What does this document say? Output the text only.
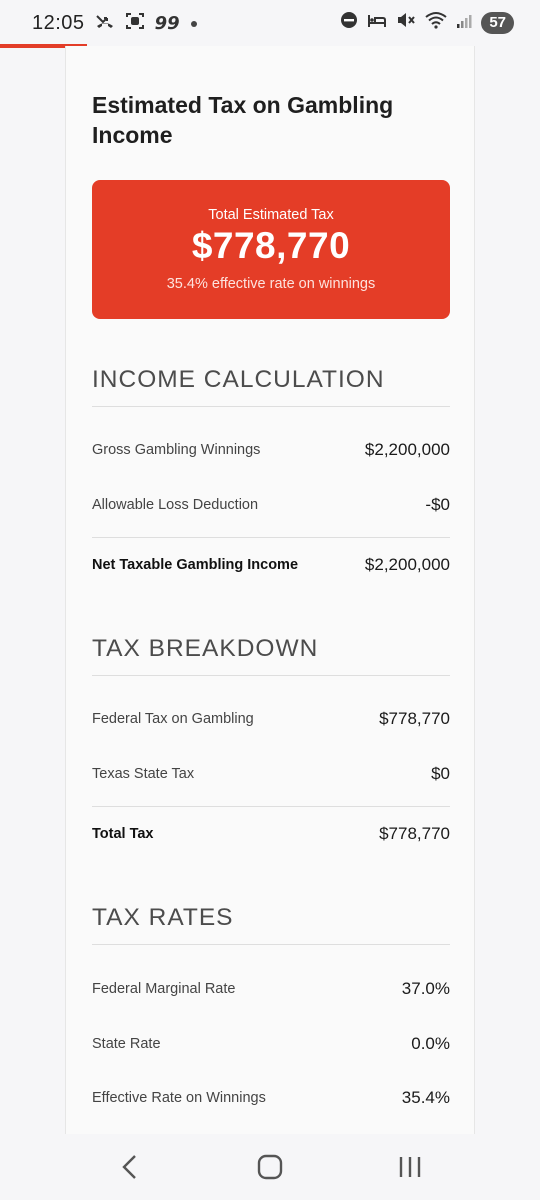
12:05	99	57
Estimated Tax on Gambling Income
Total Estimated Tax
$778,770
35.4% effective rate on winnings
INCOME CALCULATION
Gross Gambling Winnings	$2,200,000
Allowable Loss Deduction	-$0
Net Taxable Gambling Income	$2,200,000
TAX BREAKDOWN
Federal Tax on Gambling	$778,770
Texas State Tax	$0
Total Tax	$778,770
TAX RATES
Federal Marginal Rate	37.0%
State Rate	0.0%
Effective Rate on Winnings	35.4%
